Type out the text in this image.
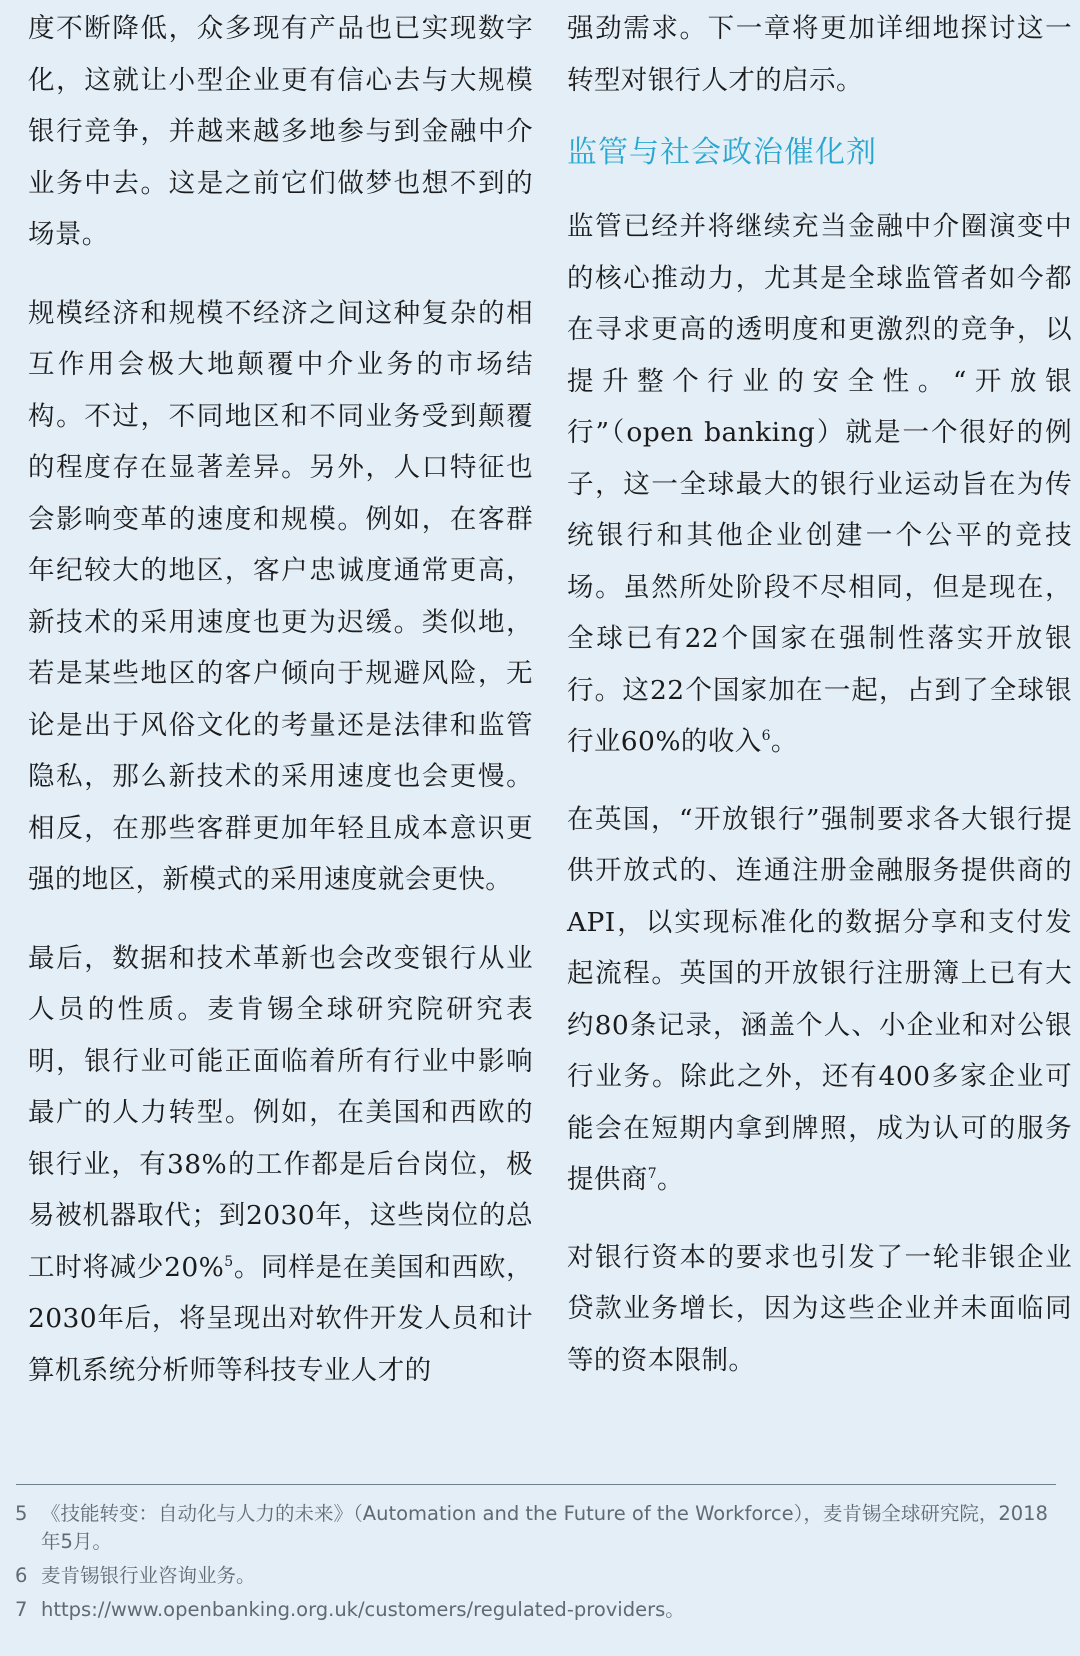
度不断降低，众多现有产品也已实现数字化，这就让小型企业更有信心去与大规模银行竞争，并越来越多地参与到金融中介业务中去。这是之前它们做梦也想不到的场景。

规模经济和规模不经济之间这种复杂的相互作用会极大地颠覆中介业务的市场结构。不过，不同地区和不同业务受到颠覆的程度存在显著差异。另外，人口特征也会影响变革的速度和规模。例如，在客群年纪较大的地区，客户忠诚度通常更高，新技术的采用速度也更为迟缓。类似地，若是某些地区的客户倾向于规避风险，无论是出于风俗文化的考量还是法律和监管隐私，那么新技术的采用速度也会更慢。相反，在那些客群更加年轻且成本意识更强的地区，新模式的采用速度就会更快。

最后，数据和技术革新也会改变银行从业人员的性质。麦肯锡全球研究院研究表明，银行业可能正面临着所有行业中影响最广的人力转型。例如，在美国和西欧的银行业，有38%的工作都是后台岗位，极易被机器取代；到2030年，这些岗位的总工时将减少20%$^5$。同样是在美国和西欧，2030年后，将呈现出对软件开发人员和计算机系统分析师等科技专业人才的

强劲需求。下一章将更加详细地探讨这一转型对银行人才的启示。

监管与社会政治催化剂

监管已经并将继续充当金融中介圈演变中的核心推动力，尤其是全球监管者如今都在寻求更高的透明度和更激烈的竞争，以提升整个行业的安全性。“开放银行”（open banking）就是一个很好的例子，这一全球最大的银行业运动旨在为传统银行和其他企业创建一个公平的竞技场。虽然所处阶段不尽相同，但是现在，全球已有22个国家在强制性落实开放银行。这22个国家加在一起，占到了全球银行业60%的收入$^6$。

在英国，“开放银行”强制要求各大银行提供开放式的、连通注册金融服务提供商的API，以实现标准化的数据分享和支付发起流程。英国的开放银行注册簿上已有大约80条记录，涵盖个人、小企业和对公银行业务。除此之外，还有400多家企业可能会在短期内拿到牌照，成为认可的服务提供商$^7$。

对银行资本的要求也引发了一轮非银企业贷款业务增长，因为这些企业并未面临同等的资本限制。

5 《技能转变：自动化与人力的未来》（Automation and the Future of the Workforce），麦肯锡全球研究院，2018年5月。
6 麦肯锡银行业咨询业务。
7 https://www.openbanking.org.uk/customers/regulated-providers。
